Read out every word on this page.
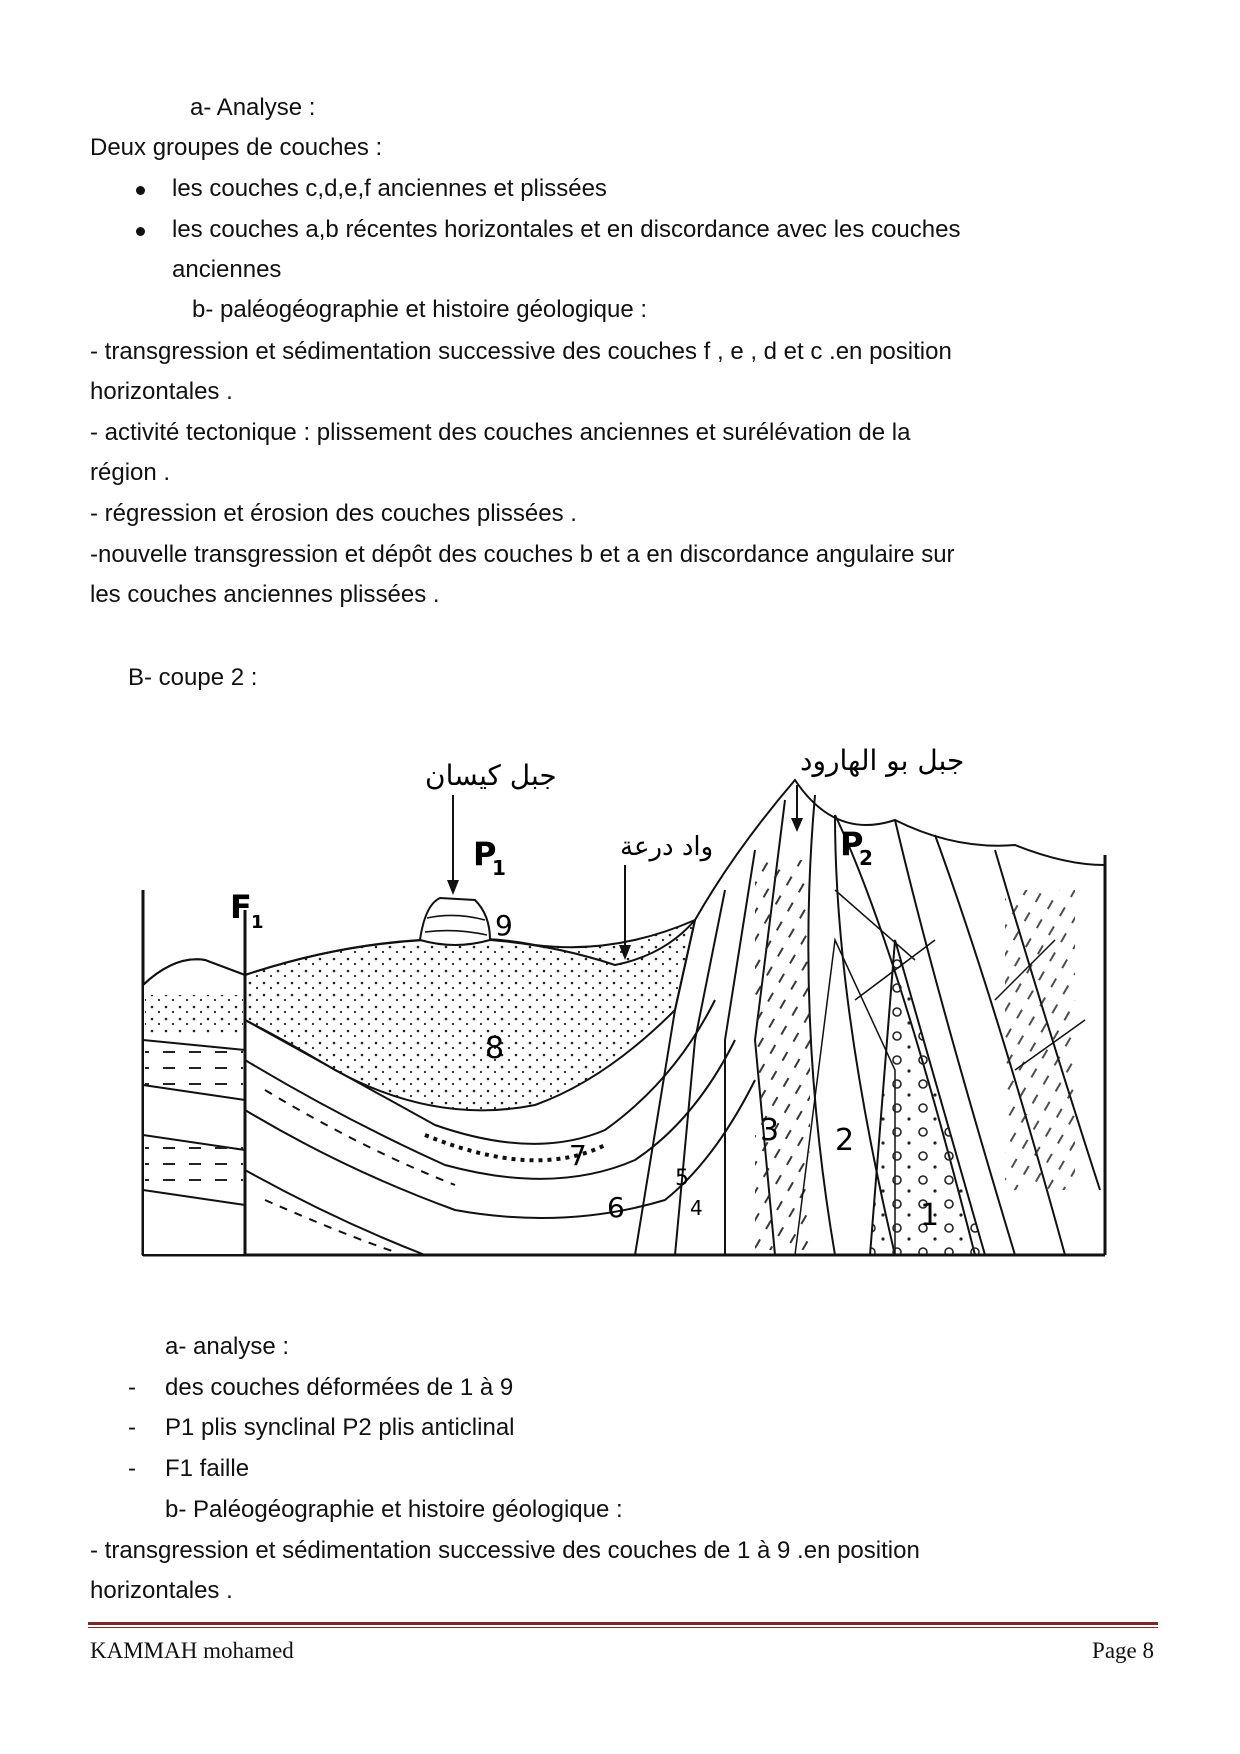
a- Analyse :
Deux groupes de couches :
les couches c,d,e,f anciennes et plissées
les couches a,b récentes horizontales et en discordance avec les couches
anciennes
b- paléogéographie et histoire géologique :
- transgression et sédimentation successive des couches f , e , d et c .en position
horizontales .
- activité tectonique : plissement des couches anciennes et surélévation de la
région .
- régression et érosion des couches plissées .
-nouvelle transgression et dépôt des couches b et a en discordance angulaire sur
les couches anciennes plissées .
B- coupe 2 :
جبل كيسان
واد درعة
جبل بو الهارود
P
1
P
2
F 1
1
2
3
4
5
6
7
8
9
a- analyse :
- des couches déformées de 1 à 9
- P1 plis synclinal P2 plis anticlinal
- F1 faille
b- Paléogéographie et histoire géologique :
- transgression et sédimentation successive des couches de 1 à 9 .en position
horizontales .
KAMMAH mohamed	Page 8
